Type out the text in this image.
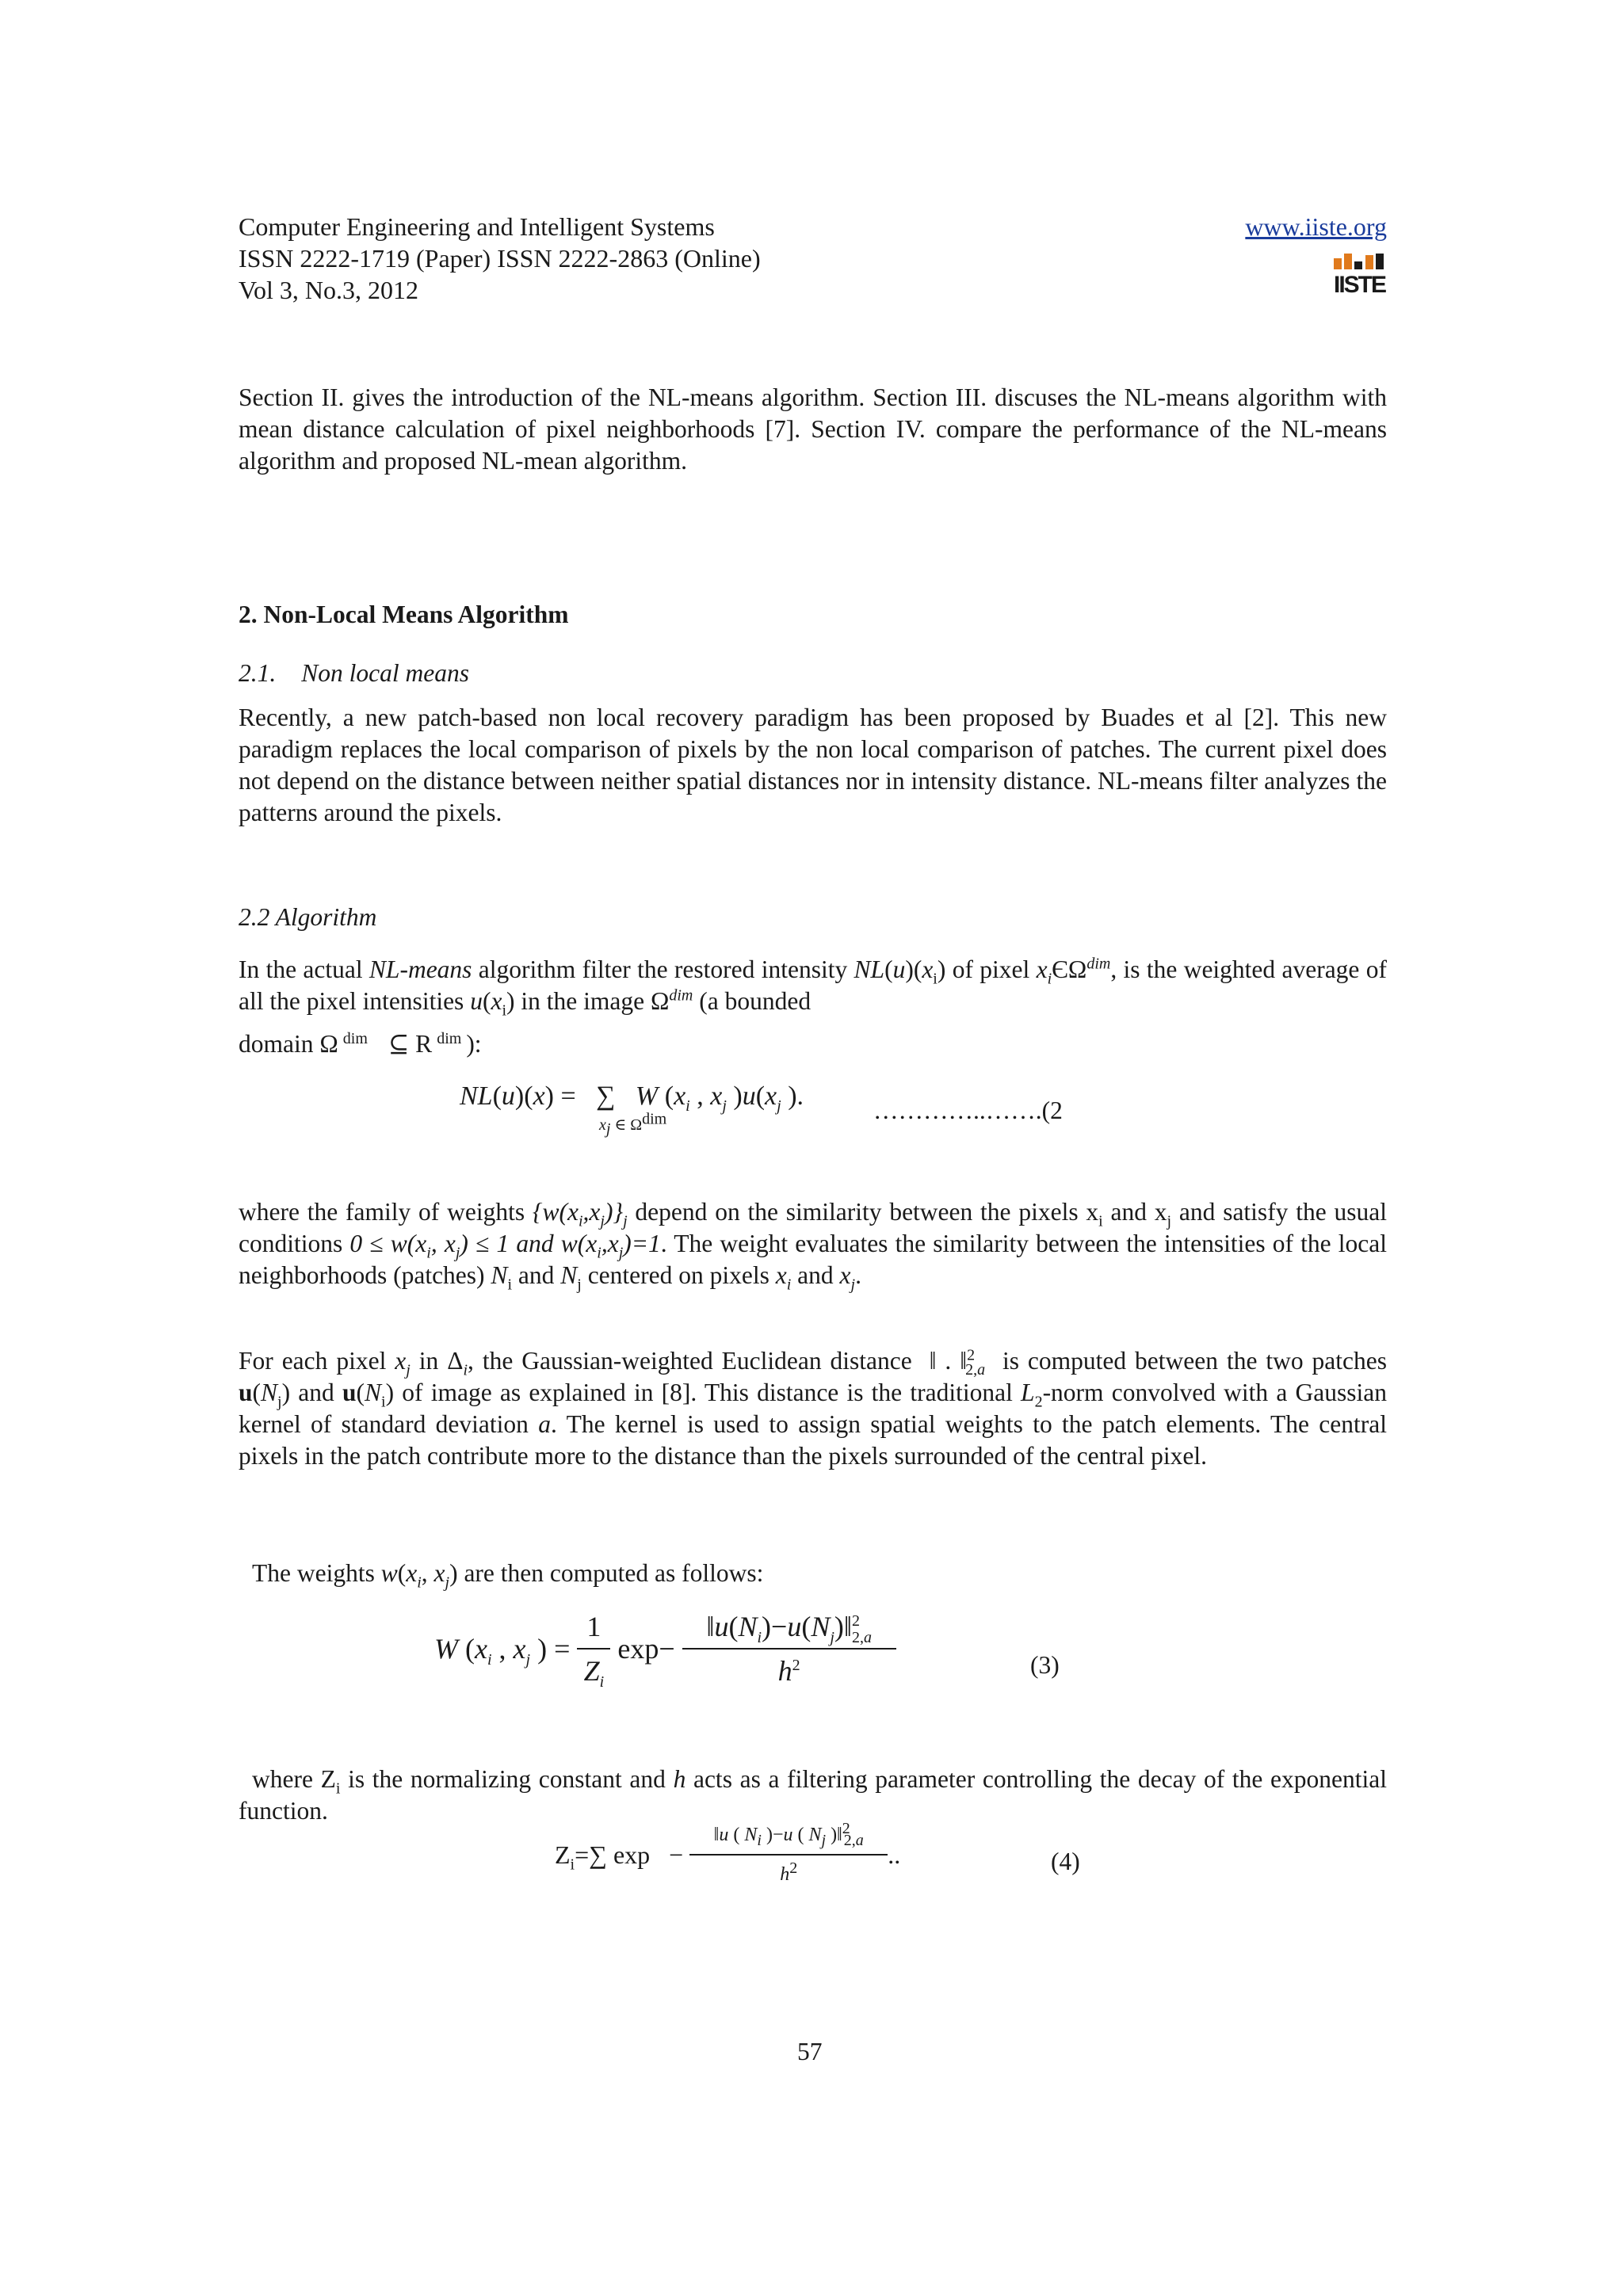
Computer Engineering and Intelligent Systems
ISSN 2222-1719 (Paper) ISSN 2222-2863 (Online)
Vol 3, No.3, 2012
www.iiste.org
IISTE
Section II. gives the introduction of the NL-means algorithm. Section III. discuses the NL-means algorithm with mean distance calculation of pixel neighborhoods [7]. Section IV. compare the performance of the NL-means algorithm and proposed NL-mean algorithm.
2. Non-Local Means Algorithm
2.1. Non local means
Recently, a new patch-based non local recovery paradigm has been proposed by Buades et al [2]. This new paradigm replaces the local comparison of pixels by the non local comparison of patches. The current pixel does not depend on the distance between neither spatial distances nor in intensity distance. NL-means filter analyzes the patterns around the pixels.
2.2 Algorithm
In the actual NL-means algorithm filter the restored intensity $NL(u)(x_i)$ of pixel $x_iЄ\Omega^{dim}$, is the weighted average of all the pixel intensities $u(x_i)$ in the image $\Omega^{dim}$ (a bounded
domain Ω $^{dim}$ ⊆ R $^{dim}$ ):
NL(u)(x) =   ∑   W ($x_i$ , $x_j$ )$u(x_j$ ).
$x_j$ ∈ $\Omega^{dim}$	…………..…….(2
where the family of weights $\{w(x_i,x_j)\}_j$ depend on the similarity between the pixels $x_i$ and $x_j$ and satisfy the usual conditions $0 \le w(x_i$, $x_j) \le 1$ and $w(x_i,x_j)=1$. The weight evaluates the similarity between the intensities of the local neighborhoods (patches) $N_i$ and $N_j$ centered on pixels $x_i$ and $x_j$.
For each pixel $x_j$ in $\Delta_i$, the Gaussian-weighted Euclidean distance ‖ . ‖$^2_{2,a}$ is computed between the two patches $u(N_j)$ and $u(N_i)$ of image as explained in [8]. This distance is the traditional $L_2$-norm convolved with a Gaussian kernel of standard deviation a. The kernel is used to assign spatial weights to the patch elements. The central pixels in the patch contribute more to the distance than the pixels surrounded of the central pixel.
The weights $w(x_i$, $x_j$) are then computed as follows:
W ($x_i$ , $x_j$ ) = $\frac{1}{Z_i} \exp- \frac{‖u(N_i)-u(N_j)‖^2_{2,a}}{h^2}$	(3)
where $Z_i$ is the normalizing constant and h acts as a filtering parameter controlling the decay of the exponential function.
$Z_i=\sum$ $\exp - \frac{‖u ( N_i )-u ( N_j )‖^2_{2,a}}{h^2}$ ..	(4)
57
